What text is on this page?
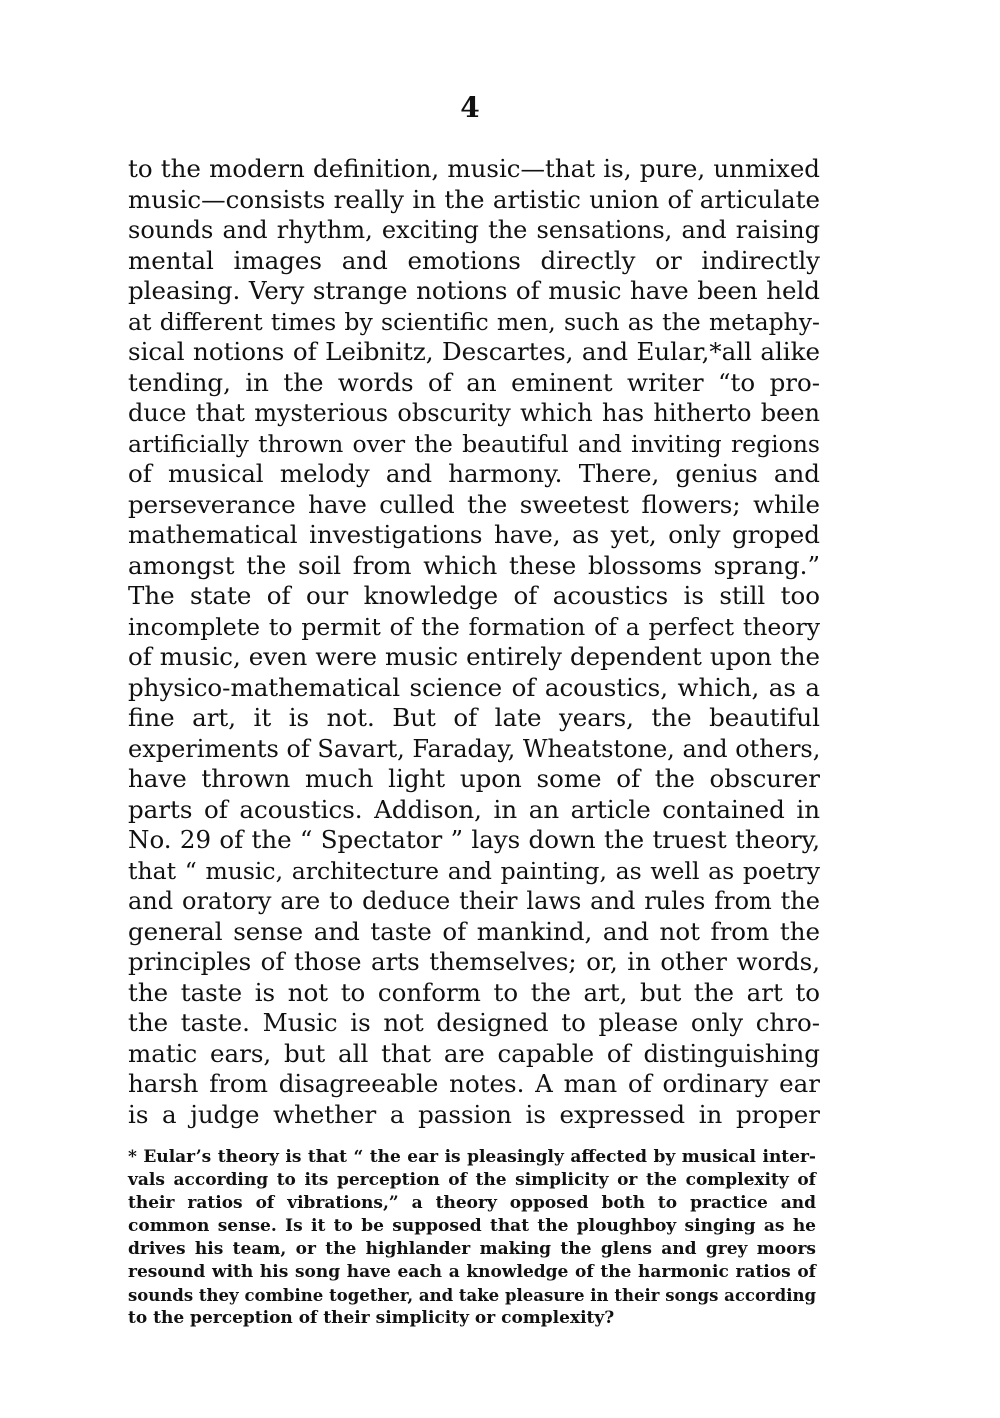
4
to the modern definition, music—that is, pure, unmixed
music—consists really in the artistic union of articulate
sounds and rhythm, exciting the sensations, and raising
mental images and emotions directly or indirectly
pleasing. Very strange notions of music have been held
at different times by scientific men, such as the metaphy-
sical notions of Leibnitz, Descartes, and Eular,*all alike
tending, in the words of an eminent writer “to pro-
duce that mysterious obscurity which has hitherto been
artificially thrown over the beautiful and inviting regions
of musical melody and harmony. There, genius and
perseverance have culled the sweetest flowers; while
mathematical investigations have, as yet, only groped
amongst the soil from which these blossoms sprang.”
The state of our knowledge of acoustics is still too
incomplete to permit of the formation of a perfect theory
of music, even were music entirely dependent upon the
physico-mathematical science of acoustics, which, as a
fine art, it is not. But of late years, the beautiful
experiments of Savart, Faraday, Wheatstone, and others,
have thrown much light upon some of the obscurer
parts of acoustics. Addison, in an article contained in
No. 29 of the “ Spectator ” lays down the truest theory,
that “ music, architecture and painting, as well as poetry
and oratory are to deduce their laws and rules from the
general sense and taste of mankind, and not from the
principles of those arts themselves; or, in other words,
the taste is not to conform to the art, but the art to
the taste. Music is not designed to please only chro-
matic ears, but all that are capable of distinguishing
harsh from disagreeable notes. A man of ordinary ear
is a judge whether a passion is expressed in proper
* Eular’s theory is that “ the ear is pleasingly affected by musical inter-
vals according to its perception of the simplicity or the complexity of
their ratios of vibrations,” a theory opposed both to practice and
common sense. Is it to be supposed that the ploughboy singing as he
drives his team, or the highlander making the glens and grey moors
resound with his song have each a knowledge of the harmonic ratios of
sounds they combine together, and take pleasure in their songs according
to the perception of their simplicity or complexity?
